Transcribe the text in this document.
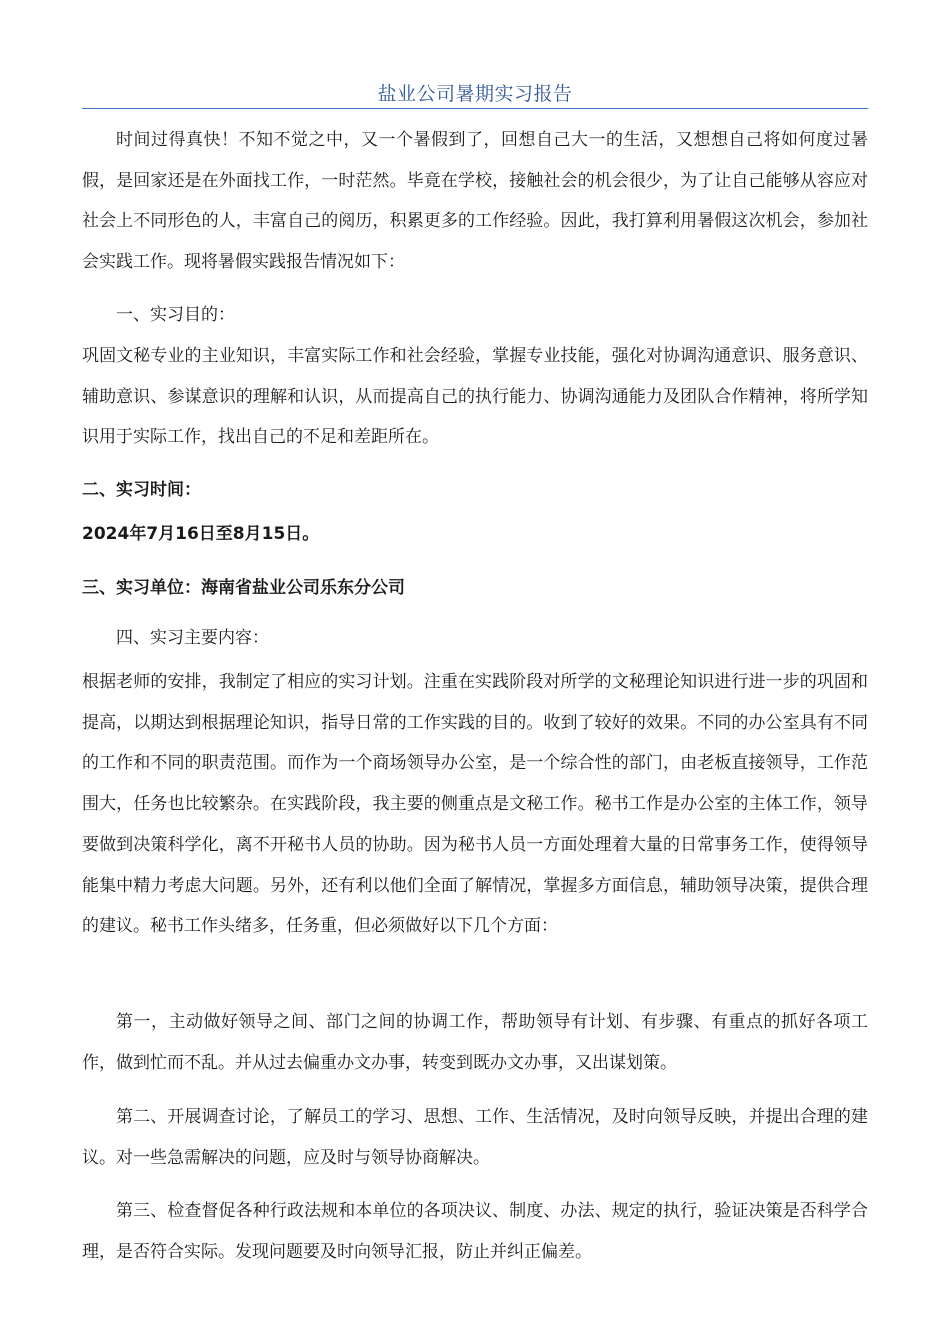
盐业公司暑期实习报告

时间过得真快！不知不觉之中，又一个暑假到了，回想自己大一的生活，又想想自己将如何度过暑假，是回家还是在外面找工作，一时茫然。毕竟在学校，接触社会的机会很少，为了让自己能够从容应对社会上不同形色的人，丰富自己的阅历，积累更多的工作经验。因此，我打算利用暑假这次机会，参加社会实践工作。现将暑假实践报告情况如下：

一、实习目的：

巩固文秘专业的主业知识，丰富实际工作和社会经验，掌握专业技能，强化对协调沟通意识、服务意识、辅助意识、参谋意识的理解和认识，从而提高自己的执行能力、协调沟通能力及团队合作精神，将所学知识用于实际工作，找出自己的不足和差距所在。

二、实习时间：

2024年7月16日至8月15日。

三、实习单位：海南省盐业公司乐东分公司

四、实习主要内容：

根据老师的安排，我制定了相应的实习计划。注重在实践阶段对所学的文秘理论知识进行进一步的巩固和提高，以期达到根据理论知识，指导日常的工作实践的目的。收到了较好的效果。不同的办公室具有不同的工作和不同的职责范围。而作为一个商场领导办公室，是一个综合性的部门，由老板直接领导，工作范围大，任务也比较繁杂。在实践阶段，我主要的侧重点是文秘工作。秘书工作是办公室的主体工作，领导要做到决策科学化，离不开秘书人员的协助。因为秘书人员一方面处理着大量的日常事务工作，使得领导能集中精力考虑大问题。另外，还有利以他们全面了解情况，掌握多方面信息，辅助领导决策，提供合理的建议。秘书工作头绪多，任务重，但必须做好以下几个方面：

第一，主动做好领导之间、部门之间的协调工作，帮助领导有计划、有步骤、有重点的抓好各项工作，做到忙而不乱。并从过去偏重办文办事，转变到既办文办事，又出谋划策。

第二、开展调查讨论，了解员工的学习、思想、工作、生活情况，及时向领导反映，并提出合理的建议。对一些急需解决的问题，应及时与领导协商解决。

第三、检查督促各种行政法规和本单位的各项决议、制度、办法、规定的执行，验证决策是否科学合理，是否符合实际。发现问题要及时向领导汇报，防止并纠正偏差。
